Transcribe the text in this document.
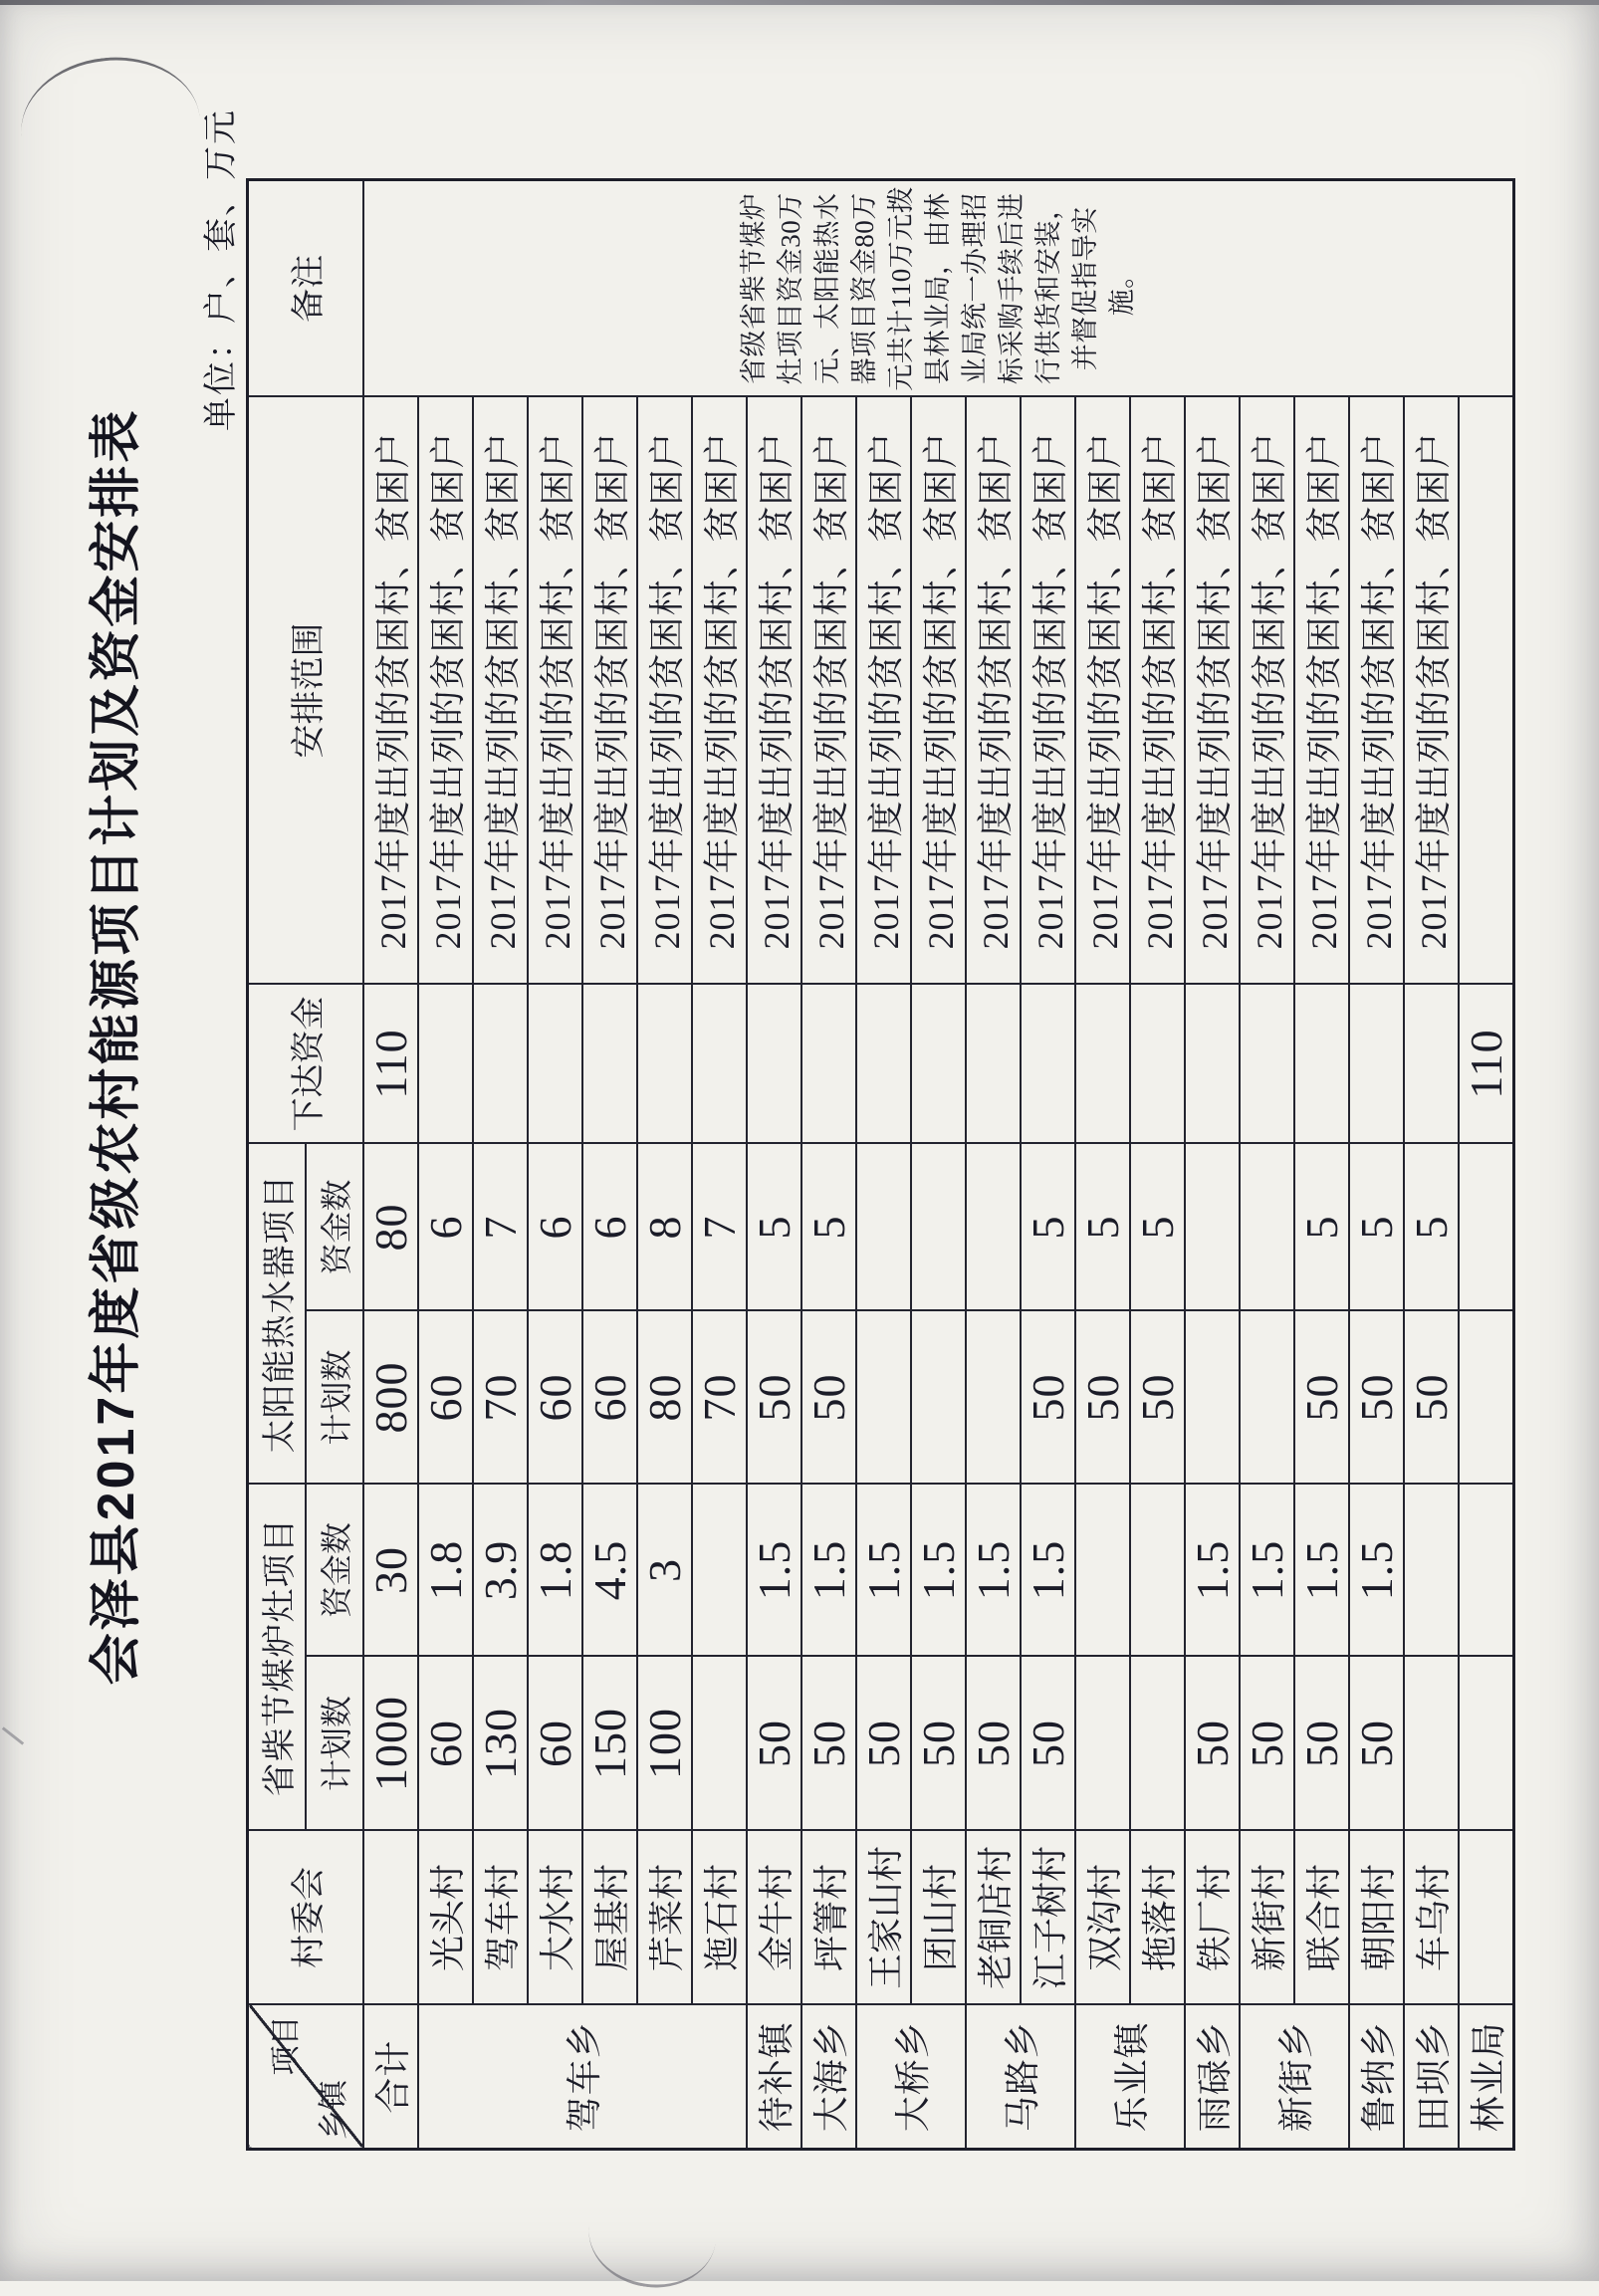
会泽县2017年度省级农村能源项目计划及资金安排表
单位：户、套、万元
项目
乡镇	村委会	省柴节煤炉灶项目		太阳能热水器项目		下达资金	安排范围	备注
		计划数	资金数	计划数	资金数			
合计		1000	30	800	80	110	2017年度出列的贫困村、贫困户	省级省柴节煤炉灶项目资金30万元、太阳能热水器项目资金80万元共计110万元拨县林业局，由林业局统一办理招标采购手续后进行供货和安装，并督促指导实施。
驾车乡	光头村	60	1.8	60	6		2017年度出列的贫困村、贫困户	
	驾车村	130	3.9	70	7		2017年度出列的贫困村、贫困户	
	大水村	60	1.8	60	6		2017年度出列的贫困村、贫困户	
	屋基村	150	4.5	60	6		2017年度出列的贫困村、贫困户	
	芹菜村	100	3	80	8		2017年度出列的贫困村、贫困户	
	迤石村			70	7		2017年度出列的贫困村、贫困户	
待补镇	金牛村	50	1.5	50	5		2017年度出列的贫困村、贫困户	
大海乡	坪箐村	50	1.5	50	5		2017年度出列的贫困村、贫困户	
大桥乡	王家山村	50	1.5				2017年度出列的贫困村、贫困户	
	团山村	50	1.5				2017年度出列的贫困村、贫困户	
马路乡	老铜店村	50	1.5				2017年度出列的贫困村、贫困户	
	江子树村	50	1.5	50	5		2017年度出列的贫困村、贫困户	
乐业镇	双沟村			50	5		2017年度出列的贫困村、贫困户	
	拖落村			50	5		2017年度出列的贫困村、贫困户	
雨碌乡	铁厂村	50	1.5				2017年度出列的贫困村、贫困户	
新街乡	新街村	50	1.5				2017年度出列的贫困村、贫困户	
	联合村	50	1.5	50	5		2017年度出列的贫困村、贫困户	
鲁纳乡	朝阳村	50	1.5	50	5		2017年度出列的贫困村、贫困户	
田坝乡	车乌村			50	5		2017年度出列的贫困村、贫困户	
林业局						110		
